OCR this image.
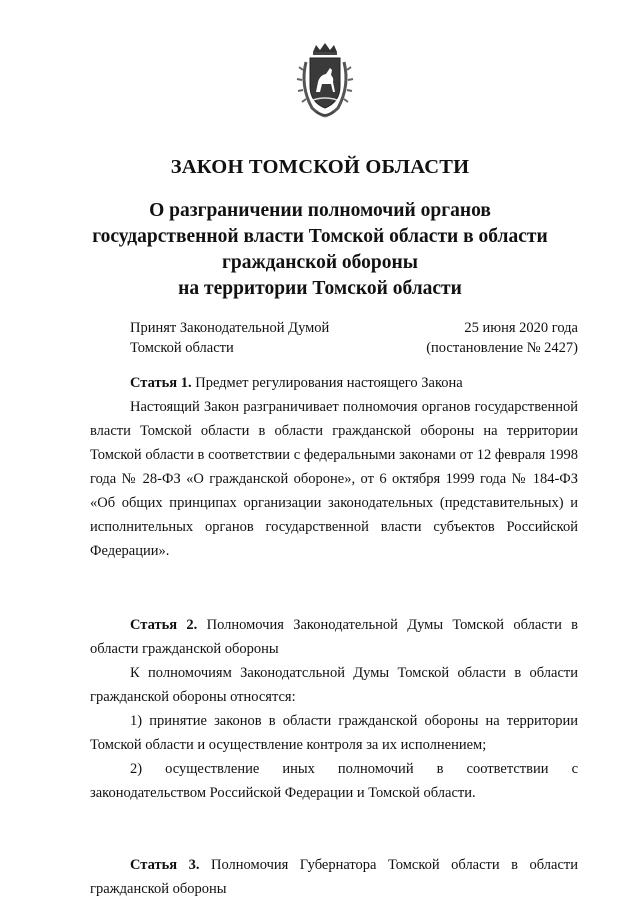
ЗАКОН ТОМСКОЙ ОБЛАСТИ
О разграничении полномочий органов
государственной власти Томской области в области
гражданской обороны
на территории Томской области
Принят Законодательной Думой
Томской области
25 июня 2020 года
(постановление № 2427)

Статья 1. Предмет регулирования настоящего Закона

Настоящий Закон разграничивает полномочия органов государственной власти Томской области в области гражданской обороны на территории Томской области в соответствии с федеральными законами от 12 февраля 1998 года № 28-ФЗ «О гражданской обороне», от 6 октября 1999 года № 184-ФЗ «Об общих принципах организации законодательных (представительных) и исполнительных органов государственной власти субъектов Российской Федерации».

Статья 2. Полномочия Законодательной Думы Томской области в области гражданской обороны

К полномочиям Законодатсльной Думы Томской области в области гражданской обороны относятся:

1) принятие законов в области гражданской обороны на территории Томской области и осуществление контроля за их исполнением;

2) осуществление иных полномочий в соответствии с законодательством Российской Федерации и Томской области.

Статья 3. Полномочия Губернатора Томской области в области гражданской обороны
